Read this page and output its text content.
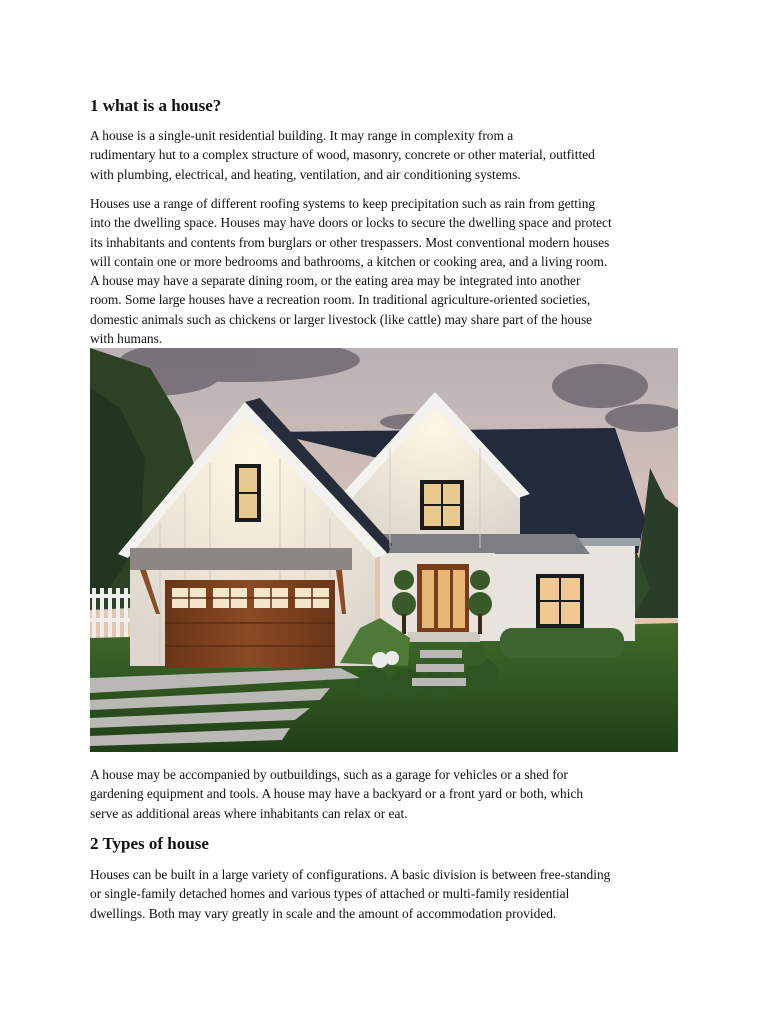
1 what is a house?

A house is a single-unit residential building. It may range in complexity from a
rudimentary hut to a complex structure of wood, masonry, concrete or other material, outfitted
with plumbing, electrical, and heating, ventilation, and air conditioning systems.

Houses use a range of different roofing systems to keep precipitation such as rain from getting
into the dwelling space. Houses may have doors or locks to secure the dwelling space and protect
its inhabitants and contents from burglars or other trespassers. Most conventional modern houses
will contain one or more bedrooms and bathrooms, a kitchen or cooking area, and a living room.
A house may have a separate dining room, or the eating area may be integrated into another
room. Some large houses have a recreation room. In traditional agriculture-oriented societies,
domestic animals such as chickens or larger livestock (like cattle) may share part of the house
with humans.

A house may be accompanied by outbuildings, such as a garage for vehicles or a shed for
gardening equipment and tools. A house may have a backyard or a front yard or both, which
serve as additional areas where inhabitants can relax or eat.

2 Types of house

Houses can be built in a large variety of configurations. A basic division is between free-standing
or single-family detached homes and various types of attached or multi-family residential
dwellings. Both may vary greatly in scale and the amount of accommodation provided.
